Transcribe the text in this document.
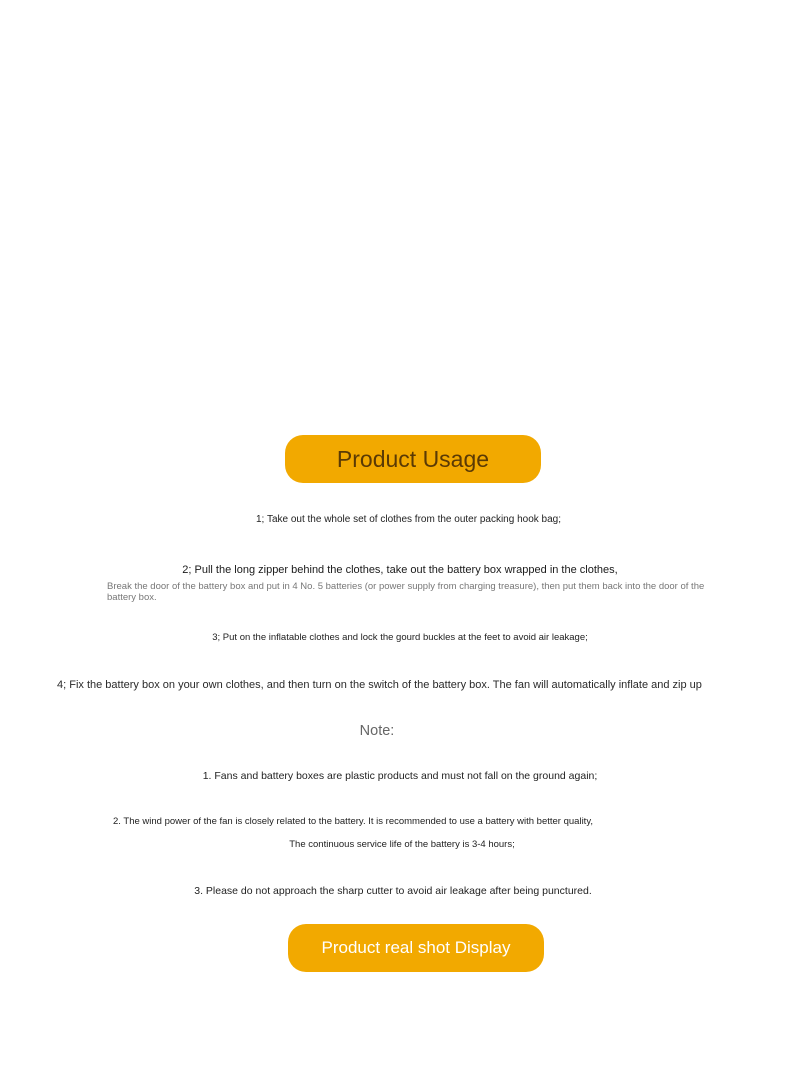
Product Usage

1; Take out the whole set of clothes from the outer packing hook bag;

2; Pull the long zipper behind the clothes, take out the battery box wrapped in the clothes,

Break the door of the battery box and put in 4 No. 5 batteries (or power supply from charging treasure), then put them back into the door of the battery box.

3; Put on the inflatable clothes and lock the gourd buckles at the feet to avoid air leakage;

4; Fix the battery box on your own clothes, and then turn on the switch of the battery box. The fan will automatically inflate and zip up

Note:

1. Fans and battery boxes are plastic products and must not fall on the ground again;

2. The wind power of the fan is closely related to the battery. It is recommended to use a battery with better quality,

The continuous service life of the battery is 3-4 hours;

3. Please do not approach the sharp cutter to avoid air leakage after being punctured.

Product real shot Display
